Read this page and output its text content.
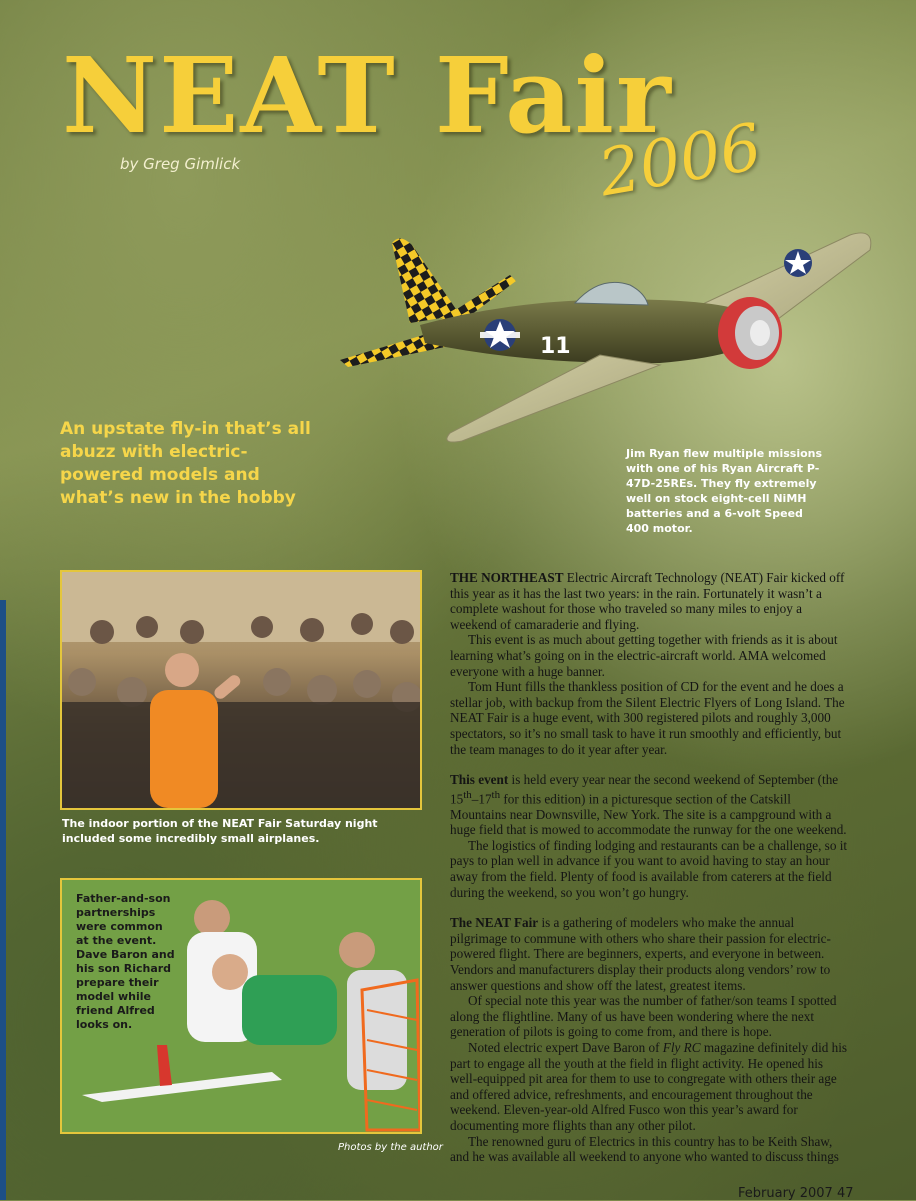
NEAT Fair
by Greg Gimlick	2006
11

An upstate fly-in that’s all abuzz with electric-powered models and what’s new in the hobby

Jim Ryan flew multiple missions with one of his Ryan Aircraft P-47D-25REs. They fly extremely well on stock eight-cell NiMH batteries and a 6-volt Speed 400 motor.

The indoor portion of the NEAT Fair Saturday night included some incredibly small airplanes.

Father-and-son partnerships were common at the event. Dave Baron and his son Richard prepare their model while friend Alfred looks on.

Photos by the author

THE NORTHEAST Electric Aircraft Technology (NEAT) Fair kicked off this year as it has the last two years: in the rain. Fortunately it wasn’t a complete washout for those who traveled so many miles to enjoy a weekend of camaraderie and flying.

This event is as much about getting together with friends as it is about learning what’s going on in the electric-aircraft world. AMA welcomed everyone with a huge banner.

Tom Hunt fills the thankless position of CD for the event and he does a stellar job, with backup from the Silent Electric Flyers of Long Island. The NEAT Fair is a huge event, with 300 registered pilots and roughly 3,000 spectators, so it’s no small task to have it run smoothly and efficiently, but the team manages to do it year after year.

This event is held every year near the second weekend of September (the 15th–17th for this edition) in a picturesque section of the Catskill Mountains near Downsville, New York. The site is a campground with a huge field that is mowed to accommodate the runway for the one weekend.

The logistics of finding lodging and restaurants can be a challenge, so it pays to plan well in advance if you want to avoid having to stay an hour away from the field. Plenty of food is available from caterers at the field during the weekend, so you won’t go hungry.

The NEAT Fair is a gathering of modelers who make the annual pilgrimage to commune with others who share their passion for electric-powered flight. There are beginners, experts, and everyone in between. Vendors and manufacturers display their products along vendors’ row to answer questions and show off the latest, greatest items.

Of special note this year was the number of father/son teams I spotted along the flightline. Many of us have been wondering where the next generation of pilots is going to come from, and there is hope.

Noted electric expert Dave Baron of Fly RC magazine definitely did his part to engage all the youth at the field in flight activity. He opened his well-equipped pit area for them to use to congregate with others their age and offered advice, refreshments, and encouragement throughout the weekend. Eleven-year-old Alfred Fusco won this year’s award for documenting more flights than any other pilot.

The renowned guru of Electrics in this country has to be Keith Shaw, and he was available all weekend to anyone who wanted to discuss things

February 2007 47
